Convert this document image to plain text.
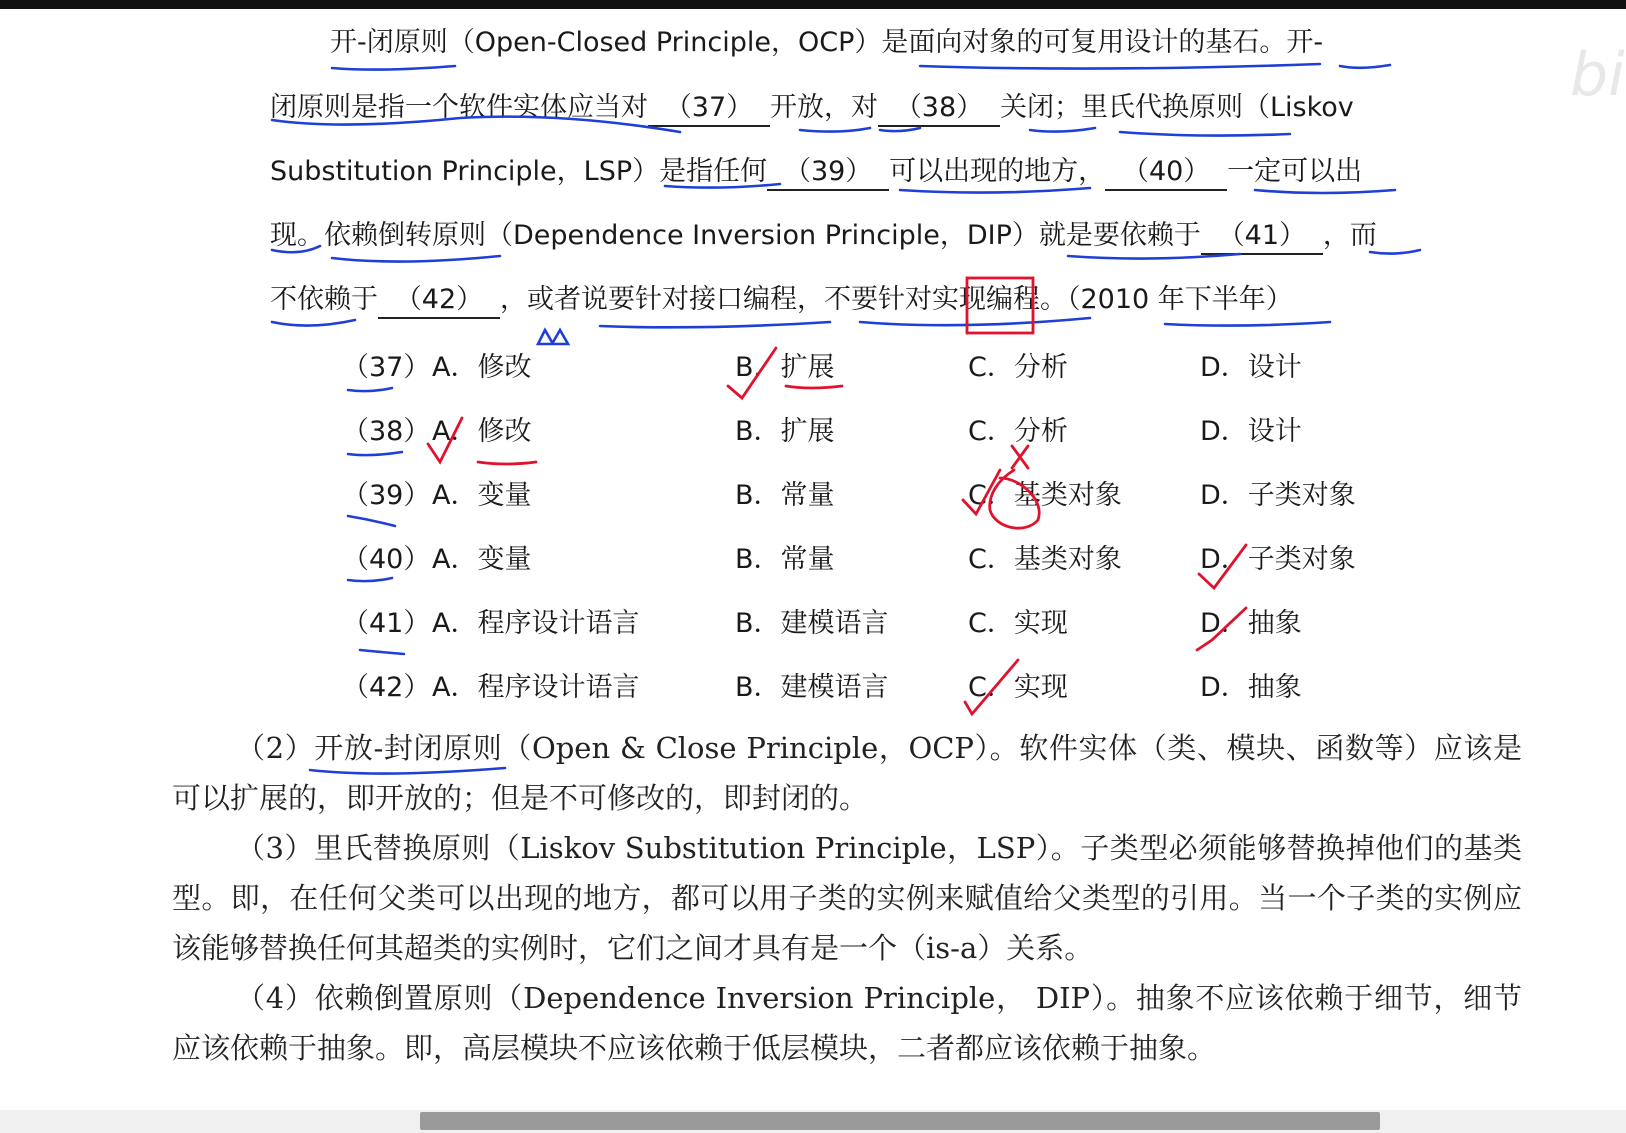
开-闭原则（Open-Closed Principle，OCP）是面向对象的可复用设计的基石。开-
闭原则是指一个软件实体应当对 （37） 开放，对 （38） 关闭；里氏代换原则（Liskov
Substitution Principle，LSP）是指任何 （39） 可以出现的地方， （40） 一定可以出
现。依赖倒转原则（Dependence Inversion Principle，DIP）就是要依赖于 （41） ，而
不依赖于 （42） ，或者说要针对接口编程，不要针对实现编程。（2010 年下半年）
（37） A．修改	B．扩展	C．分析	D．设计
（38） A．修改	B．扩展	C．分析	D．设计
（39） A．变量	B．常量	C．基类对象	D．子类对象
（40） A．变量	B．常量	C．基类对象	D．子类对象
（41） A．程序设计语言	B．建模语言	C．实现	D．抽象
（42） A．程序设计语言	B．建模语言	C．实现	D．抽象

（2）开放-封闭原则（Open & Close Principle，OCP）。软件实体（类、模块、函数等）应该是可以扩展的，即开放的；但是不可修改的，即封闭的。

（3）里氏替换原则（Liskov Substitution Principle，LSP）。子类型必须能够替换掉他们的基类型。即，在任何父类可以出现的地方，都可以用子类的实例来赋值给父类型的引用。当一个子类的实例应该能够替换任何其超类的实例时，它们之间才具有是一个（is-a）关系。

（4）依赖倒置原则（Dependence Inversion Principle， DIP）。抽象不应该依赖于细节，细节应该依赖于抽象。即，高层模块不应该依赖于低层模块，二者都应该依赖于抽象。

bi
